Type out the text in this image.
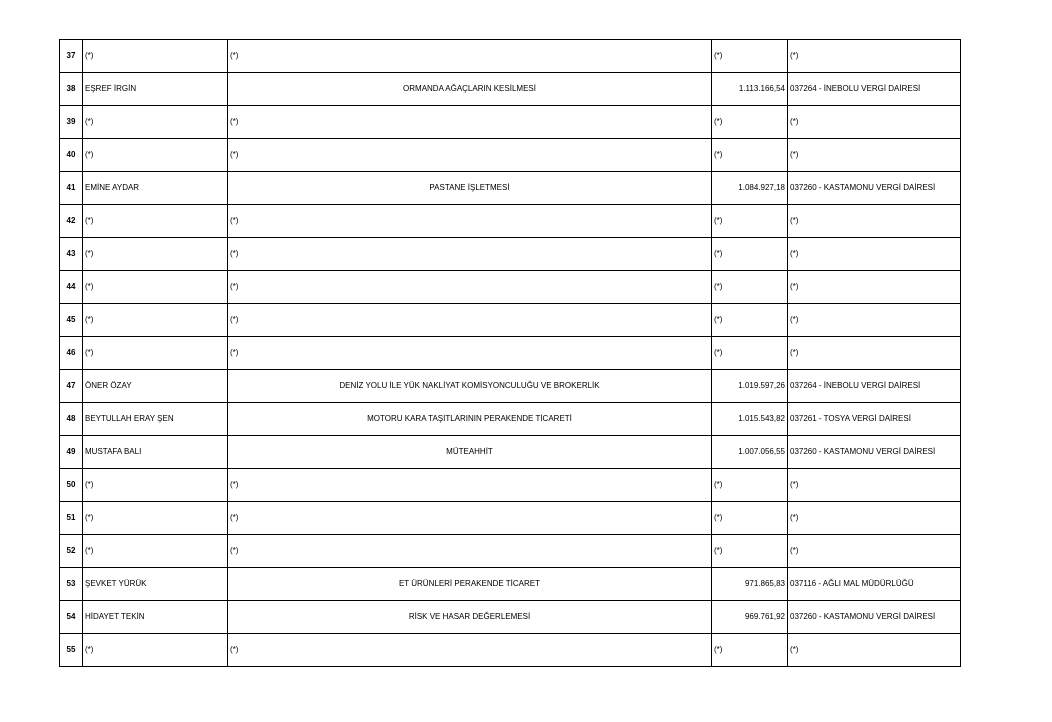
37	(*)	(*)	(*)	(*)
38	EŞREF İRGİN	ORMANDA AĞAÇLARIN KESİLMESİ	1.113.166,54	037264 - İNEBOLU VERGİ DAİRESİ
39	(*)	(*)	(*)	(*)
40	(*)	(*)	(*)	(*)
41	EMİNE AYDAR	PASTANE İŞLETMESİ	1.084.927,18	037260 - KASTAMONU VERGİ DAİRESİ
42	(*)	(*)	(*)	(*)
43	(*)	(*)	(*)	(*)
44	(*)	(*)	(*)	(*)
45	(*)	(*)	(*)	(*)
46	(*)	(*)	(*)	(*)
47	ÖNER ÖZAY	DENİZ YOLU İLE YÜK NAKLİYAT KOMİSYONCULUĞU VE BROKERLİK	1.019.597,26	037264 - İNEBOLU VERGİ DAİRESİ
48	BEYTULLAH ERAY ŞEN	MOTORU KARA TAŞITLARININ PERAKENDE TİCARETİ	1.015.543,82	037261 - TOSYA VERGİ DAİRESİ
49	MUSTAFA BALI	MÜTEAHHİT	1.007.056,55	037260 - KASTAMONU VERGİ DAİRESİ
50	(*)	(*)	(*)	(*)
51	(*)	(*)	(*)	(*)
52	(*)	(*)	(*)	(*)
53	ŞEVKET YÜRÜK	ET ÜRÜNLERİ PERAKENDE TİCARET	971.865,83	037116 - AĞLI MAL MÜDÜRLÜĞÜ
54	HİDAYET TEKİN	RİSK VE HASAR DEĞERLEMESİ	969.761,92	037260 - KASTAMONU VERGİ DAİRESİ
55	(*)	(*)	(*)	(*)
